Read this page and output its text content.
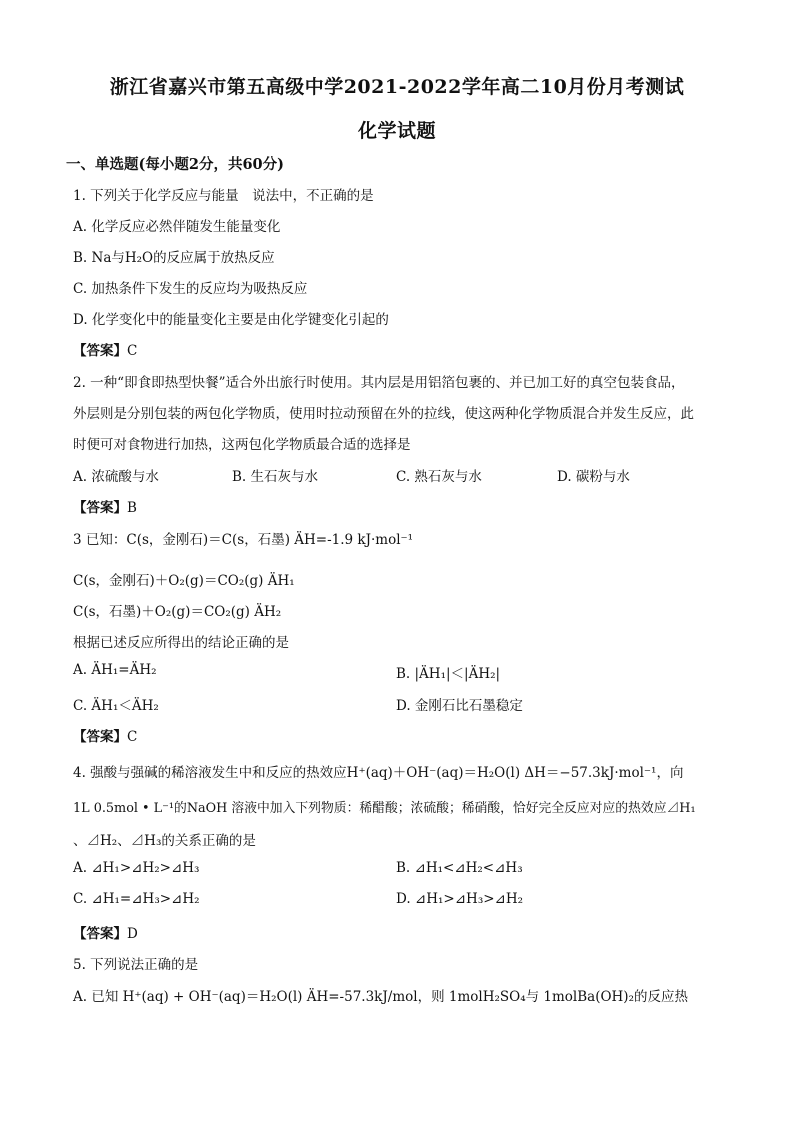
浙江省嘉兴市第五高级中学2021-2022学年高二10月份月考测试
化学试题
一、单选题(每小题2分，共60分)
1. 下列关于化学反应与能量　说法中，不正确的是
A. 化学反应必然伴随发生能量变化
B. Na与H₂O的反应属于放热反应
C. 加热条件下发生的反应均为吸热反应
D. 化学变化中的能量变化主要是由化学键变化引起的
【答案】C
2. 一种“即食即热型快餐”适合外出旅行时使用。其内层是用铝箔包裹的、并已加工好的真空包装食品，
外层则是分别包装的两包化学物质，使用时拉动预留在外的拉线，使这两种化学物质混合并发生反应，此
时便可对食物进行加热，这两包化学物质最合适的选择是
A. 浓硫酸与水	B. 生石灰与水	C. 熟石灰与水	D. 碳粉与水
【答案】B
3 已知：C(s，金刚石)＝C(s，石墨) ÄH=-1.9 kJ·mol⁻¹
C(s，金刚石)＋O₂(g)＝CO₂(g) ÄH₁
C(s，石墨)＋O₂(g)＝CO₂(g) ÄH₂
根据已述反应所得出的结论正确的是
A. ÄH₁=ÄH₂	B. |ÄH₁|＜|ÄH₂|
C. ÄH₁＜ÄH₂	D. 金刚石比石墨稳定
【答案】C
4. 强酸与强碱的稀溶液发生中和反应的热效应H⁺(aq)＋OH⁻(aq)＝H₂O(l) ΔH＝−57.3kJ·mol⁻¹，向
1L 0.5mol • L⁻¹的NaOH 溶液中加入下列物质：稀醋酸；浓硫酸；稀硝酸，恰好完全反应对应的热效应⊿H₁
、⊿H₂、⊿H₃的关系正确的是
A. ⊿H₁>⊿H₂>⊿H₃	B. ⊿H₁<⊿H₂<⊿H₃
C. ⊿H₁=⊿H₃>⊿H₂	D. ⊿H₁>⊿H₃>⊿H₂
【答案】D
5. 下列说法正确的是
A. 已知 H⁺(aq) + OH⁻(aq)＝H₂O(l) ÄH=-57.3kJ/mol，则 1molH₂SO₄与 1molBa(OH)₂的反应热
